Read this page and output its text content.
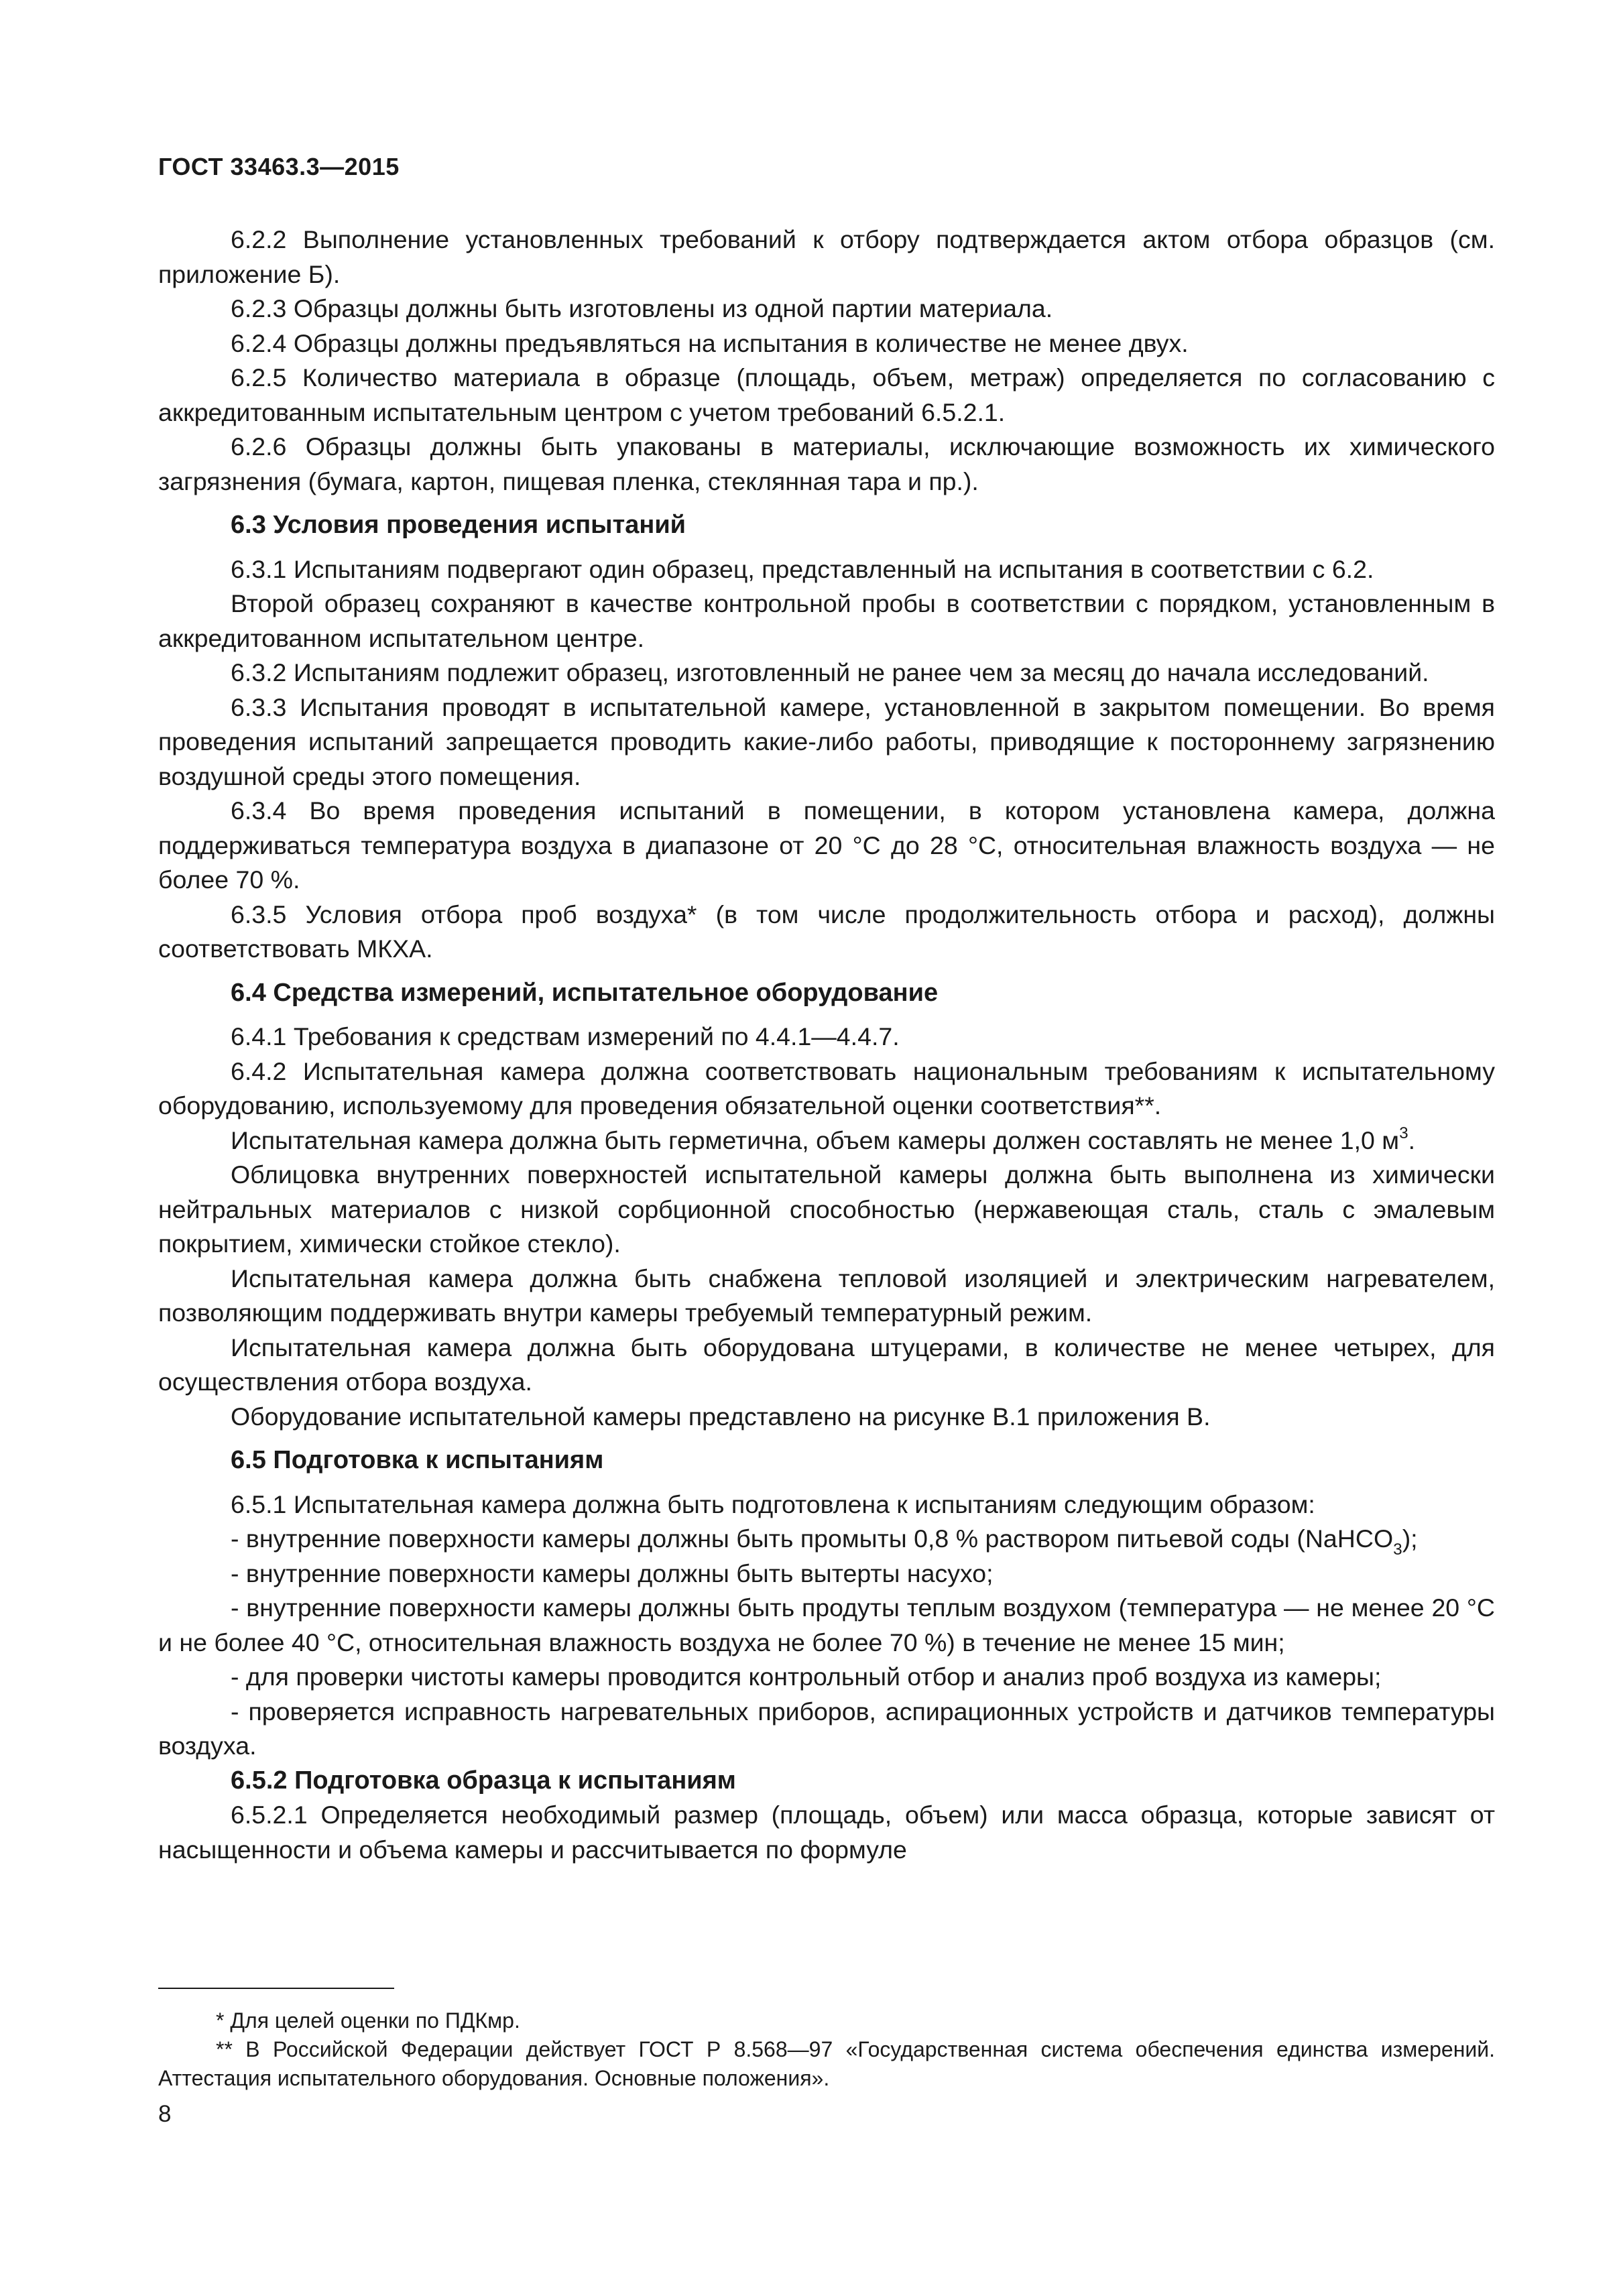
ГОСТ 33463.3—2015

6.2.2 Выполнение установленных требований к отбору подтверждается актом отбора образцов (см. приложение Б).

6.2.3 Образцы должны быть изготовлены из одной партии материала.

6.2.4 Образцы должны предъявляться на испытания в количестве не менее двух.

6.2.5 Количество материала в образце (площадь, объем, метраж) определяется по согласованию с аккредитованным испытательным центром с учетом требований 6.5.2.1.

6.2.6 Образцы должны быть упакованы в материалы, исключающие возможность их химического загрязнения (бумага, картон, пищевая пленка, стеклянная тара и пр.).

6.3 Условия проведения испытаний

6.3.1 Испытаниям подвергают один образец, представленный на испытания в соответствии с 6.2.

Второй образец сохраняют в качестве контрольной пробы в соответствии с порядком, установленным в аккредитованном испытательном центре.

6.3.2 Испытаниям подлежит образец, изготовленный не ранее чем за месяц до начала исследований.

6.3.3 Испытания проводят в испытательной камере, установленной в закрытом помещении. Во время проведения испытаний запрещается проводить какие-либо работы, приводящие к постороннему загрязнению воздушной среды этого помещения.

6.3.4 Во время проведения испытаний в помещении, в котором установлена камера, должна поддерживаться температура воздуха в диапазоне от 20 °С до 28 °С, относительная влажность воздуха — не более 70 %.

6.3.5 Условия отбора проб воздуха* (в том числе продолжительность отбора и расход), должны соответствовать МКХА.

6.4 Средства измерений, испытательное оборудование

6.4.1 Требования к средствам измерений по 4.4.1—4.4.7.

6.4.2 Испытательная камера должна соответствовать национальным требованиям к испытательному оборудованию, используемому для проведения обязательной оценки соответствия**.

Испытательная камера должна быть герметична, объем камеры должен составлять не менее 1,0 $м^3$.

Облицовка внутренних поверхностей испытательной камеры должна быть выполнена из химически нейтральных материалов с низкой сорбционной способностью (нержавеющая сталь, сталь с эмалевым покрытием, химически стойкое стекло).

Испытательная камера должна быть снабжена тепловой изоляцией и электрическим нагревателем, позволяющим поддерживать внутри камеры требуемый температурный режим.

Испытательная камера должна быть оборудована штуцерами, в количестве не менее четырех, для осуществления отбора воздуха.

Оборудование испытательной камеры представлено на рисунке В.1 приложения В.

6.5 Подготовка к испытаниям

6.5.1 Испытательная камера должна быть подготовлена к испытаниям следующим образом:

- внутренние поверхности камеры должны быть промыты 0,8 % раствором питьевой соды (NaHCO$_3$);

- внутренние поверхности камеры должны быть вытерты насухо;

- внутренние поверхности камеры должны быть продуты теплым воздухом (температура — не менее 20 °С и не более 40 °С, относительная влажность воздуха не более 70 %) в течение не менее 15 мин;

- для проверки чистоты камеры проводится контрольный отбор и анализ проб воздуха из камеры;

- проверяется исправность нагревательных приборов, аспирационных устройств и датчиков температуры воздуха.

6.5.2 Подготовка образца к испытаниям

6.5.2.1 Определяется необходимый размер (площадь, объем) или масса образца, которые зависят от насыщенности и объема камеры и рассчитывается по формуле

* Для целей оценки по ПДКмр.

** В Российской Федерации действует ГОСТ Р 8.568—97 «Государственная система обеспечения единства измерений. Аттестация испытательного оборудования. Основные положения».

8
